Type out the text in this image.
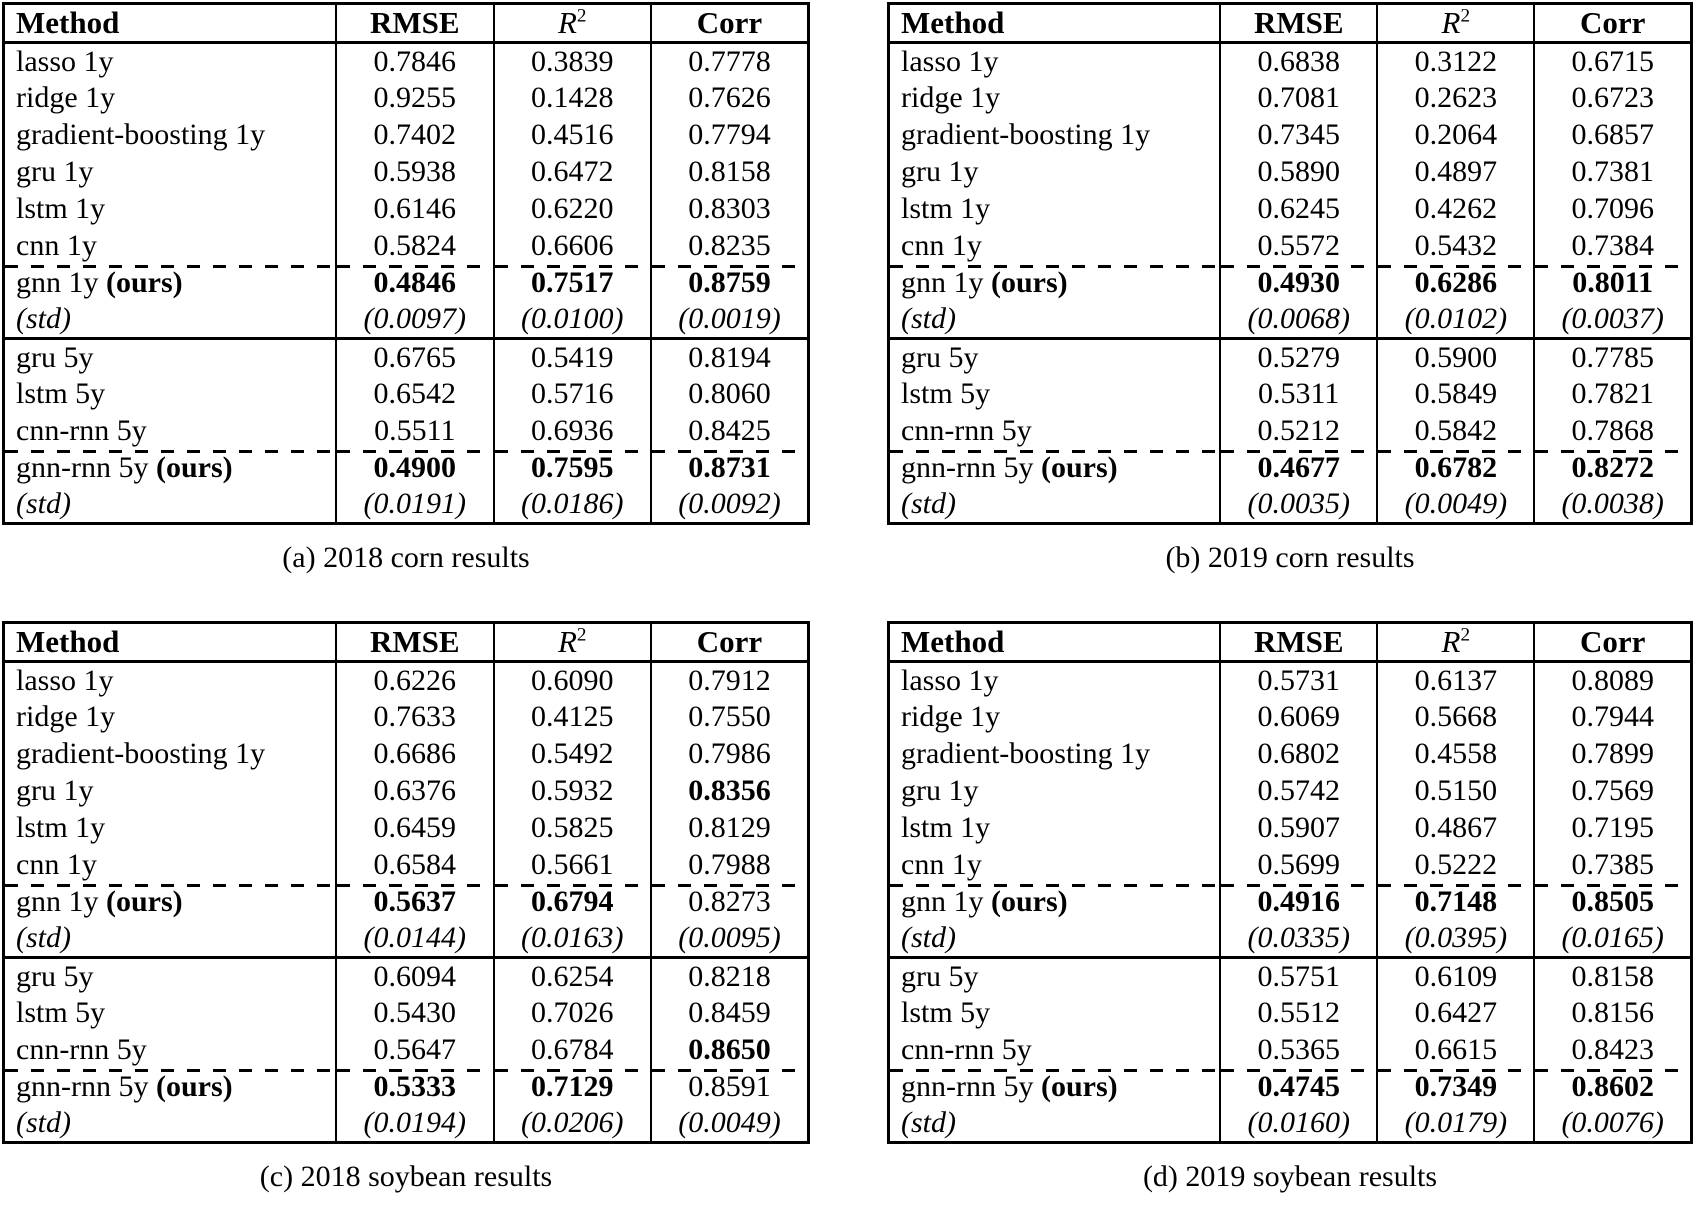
Method	RMSE	$R^2$	Corr
lasso 1y	0.7846	0.3839	0.7778
ridge 1y	0.9255	0.1428	0.7626
gradient-boosting 1y	0.7402	0.4516	0.7794
gru 1y	0.5938	0.6472	0.8158
lstm 1y	0.6146	0.6220	0.8303
cnn 1y	0.5824	0.6606	0.8235
gnn 1y (ours)	0.4846	0.7517	0.8759
(std)	(0.0097)	(0.0100)	(0.0019)
gru 5y	0.6765	0.5419	0.8194
lstm 5y	0.6542	0.5716	0.8060
cnn-rnn 5y	0.5511	0.6936	0.8425
gnn-rnn 5y (ours)	0.4900	0.7595	0.8731
(std)	(0.0191)	(0.0186)	(0.0092)
(a) 2018 corn results
Method	RMSE	$R^2$	Corr
lasso 1y	0.6838	0.3122	0.6715
ridge 1y	0.7081	0.2623	0.6723
gradient-boosting 1y	0.7345	0.2064	0.6857
gru 1y	0.5890	0.4897	0.7381
lstm 1y	0.6245	0.4262	0.7096
cnn 1y	0.5572	0.5432	0.7384
gnn 1y (ours)	0.4930	0.6286	0.8011
(std)	(0.0068)	(0.0102)	(0.0037)
gru 5y	0.5279	0.5900	0.7785
lstm 5y	0.5311	0.5849	0.7821
cnn-rnn 5y	0.5212	0.5842	0.7868
gnn-rnn 5y (ours)	0.4677	0.6782	0.8272
(std)	(0.0035)	(0.0049)	(0.0038)
(b) 2019 corn results
Method	RMSE	$R^2$	Corr
lasso 1y	0.6226	0.6090	0.7912
ridge 1y	0.7633	0.4125	0.7550
gradient-boosting 1y	0.6686	0.5492	0.7986
gru 1y	0.6376	0.5932	0.8356
lstm 1y	0.6459	0.5825	0.8129
cnn 1y	0.6584	0.5661	0.7988
gnn 1y (ours)	0.5637	0.6794	0.8273
(std)	(0.0144)	(0.0163)	(0.0095)
gru 5y	0.6094	0.6254	0.8218
lstm 5y	0.5430	0.7026	0.8459
cnn-rnn 5y	0.5647	0.6784	0.8650
gnn-rnn 5y (ours)	0.5333	0.7129	0.8591
(std)	(0.0194)	(0.0206)	(0.0049)
(c) 2018 soybean results
Method	RMSE	$R^2$	Corr
lasso 1y	0.5731	0.6137	0.8089
ridge 1y	0.6069	0.5668	0.7944
gradient-boosting 1y	0.6802	0.4558	0.7899
gru 1y	0.5742	0.5150	0.7569
lstm 1y	0.5907	0.4867	0.7195
cnn 1y	0.5699	0.5222	0.7385
gnn 1y (ours)	0.4916	0.7148	0.8505
(std)	(0.0335)	(0.0395)	(0.0165)
gru 5y	0.5751	0.6109	0.8158
lstm 5y	0.5512	0.6427	0.8156
cnn-rnn 5y	0.5365	0.6615	0.8423
gnn-rnn 5y (ours)	0.4745	0.7349	0.8602
(std)	(0.0160)	(0.0179)	(0.0076)
(d) 2019 soybean results
